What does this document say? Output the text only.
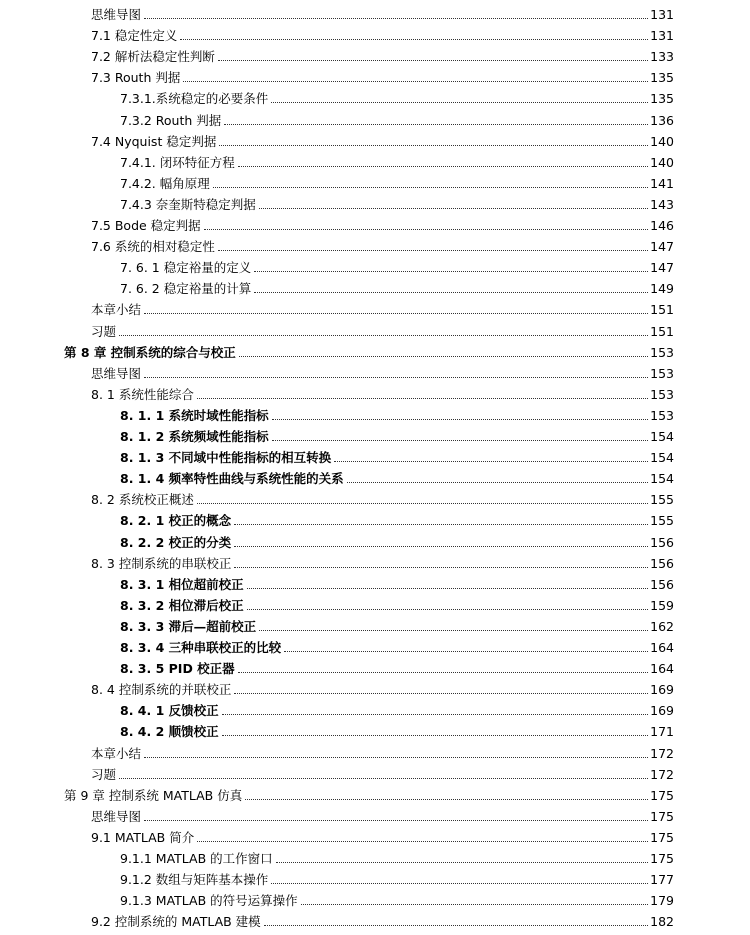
思维导图	131
7.1 稳定性定义	131
7.2 解析法稳定性判断	133
7.3 Routh 判据	135
7.3.1.系统稳定的必要条件	135
7.3.2 Routh 判据	136
7.4 Nyquist 稳定判据	140
7.4.1. 闭环特征方程	140
7.4.2. 幅角原理	141
7.4.3 奈奎斯特稳定判据	143
7.5 Bode 稳定判据	146
7.6 系统的相对稳定性	147
7. 6. 1 稳定裕量的定义	147
7. 6. 2 稳定裕量的计算	149
本章小结	151
习题	151
第 8 章 控制系统的综合与校正	153
思维导图	153
8. 1 系统性能综合	153
8. 1. 1 系统时域性能指标	153
8. 1. 2 系统频域性能指标	154
8. 1. 3 不同域中性能指标的相互转换	154
8. 1. 4 频率特性曲线与系统性能的关系	154
8. 2 系统校正概述	155
8. 2. 1 校正的概念	155
8. 2. 2 校正的分类	156
8. 3 控制系统的串联校正	156
8. 3. 1 相位超前校正	156
8. 3. 2 相位滞后校正	159
8. 3. 3 滞后—超前校正	162
8. 3. 4 三种串联校正的比较	164
8. 3. 5 PID 校正器	164
8. 4 控制系统的并联校正	169
8. 4. 1 反馈校正	169
8. 4. 2 顺馈校正	171
本章小结	172
习题	172
第 9 章 控制系统 MATLAB 仿真	175
思维导图	175
9.1 MATLAB 简介	175
9.1.1 MATLAB 的工作窗口	175
9.1.2 数组与矩阵基本操作	177
9.1.3 MATLAB 的符号运算操作	179
9.2 控制系统的 MATLAB 建模	182
